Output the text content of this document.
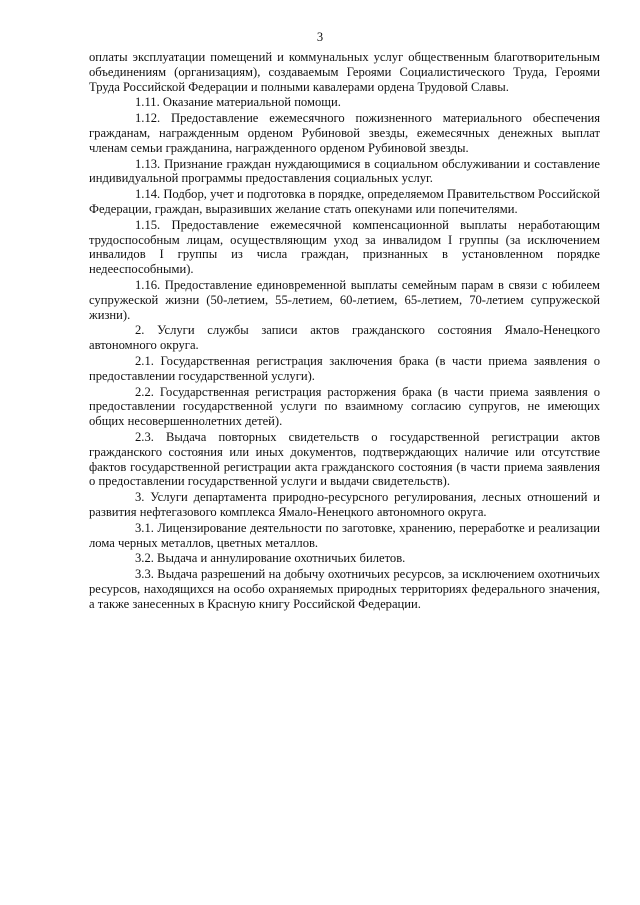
3

оплаты эксплуатации помещений и коммунальных услуг общественным благотворительным объединениям (организациям), создаваемым Героями Социалистического Труда, Героями Труда Российской Федерации и полными кавалерами ордена Трудовой Славы.

1.11. Оказание материальной помощи.

1.12. Предоставление ежемесячного пожизненного материального обеспечения гражданам, награжденным орденом Рубиновой звезды, ежемесячных денежных выплат членам семьи гражданина, награжденного орденом Рубиновой звезды.

1.13. Признание граждан нуждающимися в социальном обслуживании и составление индивидуальной программы предоставления социальных услуг.

1.14. Подбор, учет и подготовка в порядке, определяемом Правительством Российской Федерации, граждан, выразивших желание стать опекунами или попечителями.

1.15. Предоставление ежемесячной компенсационной выплаты неработающим трудоспособным лицам, осуществляющим уход за инвалидом I группы (за исключением инвалидов I группы из числа граждан, признанных в установленном порядке недееспособными).

1.16. Предоставление единовременной выплаты семейным парам в связи с юбилеем супружеской жизни (50-летием, 55-летием, 60-летием, 65-летием, 70-летием супружеской жизни).

2. Услуги службы записи актов гражданского состояния Ямало-Ненецкого автономного округа.

2.1. Государственная регистрация заключения брака (в части приема заявления о предоставлении государственной услуги).

2.2. Государственная регистрация расторжения брака (в части приема заявления о предоставлении государственной услуги по взаимному согласию супругов, не имеющих общих несовершеннолетних детей).

2.3. Выдача повторных свидетельств о государственной регистрации актов гражданского состояния или иных документов, подтверждающих наличие или отсутствие фактов государственной регистрации акта гражданского состояния (в части приема заявления о предоставлении государственной услуги и выдачи свидетельств).

3. Услуги департамента природно-ресурсного регулирования, лесных отношений и развития нефтегазового комплекса Ямало-Ненецкого автономного округа.

3.1. Лицензирование деятельности по заготовке, хранению, переработке и реализации лома черных металлов, цветных металлов.

3.2. Выдача и аннулирование охотничьих билетов.

3.3. Выдача разрешений на добычу охотничьих ресурсов, за исключением охотничьих ресурсов, находящихся на особо охраняемых природных территориях федерального значения, а также занесенных в Красную книгу Российской Федерации.
